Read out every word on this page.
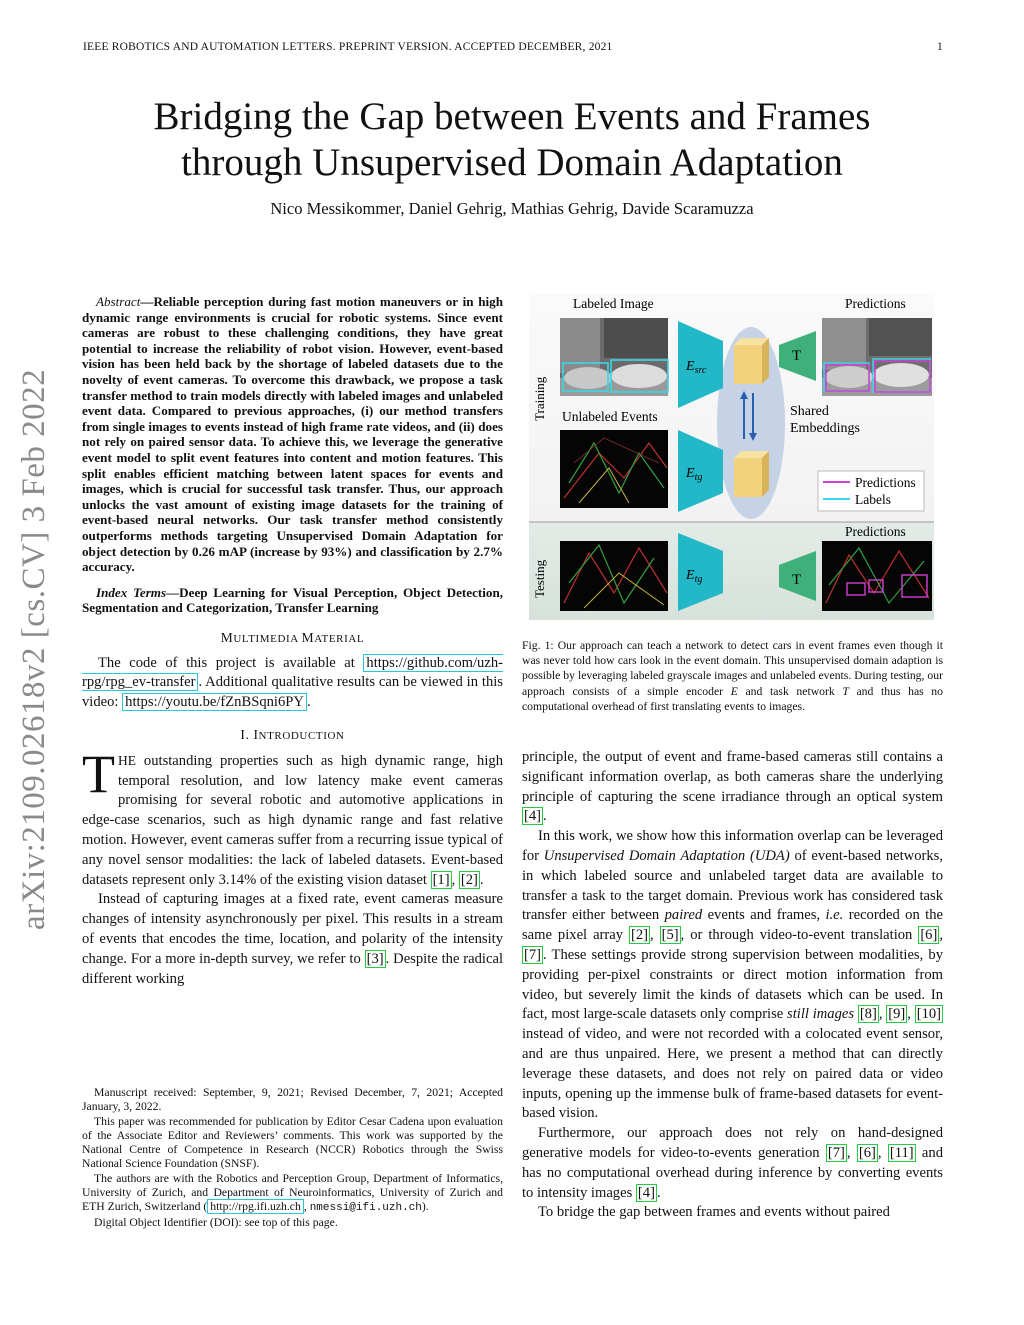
IEEE ROBOTICS AND AUTOMATION LETTERS. PREPRINT VERSION. ACCEPTED DECEMBER, 2021	1
Bridging the Gap between Events and Frames
through Unsupervised Domain Adaptation
Nico Messikommer, Daniel Gehrig, Mathias Gehrig, Davide Scaramuzza
arXiv:2109.02618v2 [cs.CV] 3 Feb 2022

Abstract—Reliable perception during fast motion maneuvers or in high dynamic range environments is crucial for robotic systems. Since event cameras are robust to these challenging conditions, they have great potential to increase the reliability of robot vision. However, event-based vision has been held back by the shortage of labeled datasets due to the novelty of event cameras. To overcome this drawback, we propose a task transfer method to train models directly with labeled images and unlabeled event data. Compared to previous approaches, (i) our method transfers from single images to events instead of high frame rate videos, and (ii) does not rely on paired sensor data. To achieve this, we leverage the generative event model to split event features into content and motion features. This split enables efficient matching between latent spaces for events and images, which is crucial for successful task transfer. Thus, our approach unlocks the vast amount of existing image datasets for the training of event-based neural networks. Our task transfer method consistently outperforms methods targeting Unsupervised Domain Adaptation for object detection by 0.26 mAP (increase by 93%) and classification by 2.7% accuracy.

Index Terms—Deep Learning for Visual Perception, Object Detection, Segmentation and Categorization, Transfer Learning

MULTIMEDIA MATERIAL

The code of this project is available at https://github.com/uzh-rpg/rpg_ev-transfer . Additional qualitative results can be viewed in this video: https://youtu.be/fZnBSqni6PY .

I. INTRODUCTION

THE outstanding properties such as high dynamic range, high temporal resolution, and low latency make event cameras promising for several robotic and automotive applications in edge-case scenarios, such as high dynamic range and fast relative motion. However, event cameras suffer from a recurring issue typical of any novel sensor modalities: the lack of labeled datasets. Event-based datasets represent only 3.14% of the existing vision dataset [1] , [2] .

Instead of capturing images at a fixed rate, event cameras measure changes of intensity asynchronously per pixel. This results in a stream of events that encodes the time, location, and polarity of the intensity change. For a more in-depth survey, we refer to [3] . Despite the radical different working

Manuscript received: September, 9, 2021; Revised December, 7, 2021; Accepted January, 3, 2022.

This paper was recommended for publication by Editor Cesar Cadena upon evaluation of the Associate Editor and Reviewers’ comments. This work was supported by the National Centre of Competence in Research (NCCR) Robotics through the Swiss National Science Foundation (SNSF).

The authors are with the Robotics and Perception Group, Department of Informatics, University of Zurich, and Department of Neuroinformatics, University of Zurich and ETH Zurich, Switzerland ( http://rpg.ifi.uzh.ch , nmessi@ifi.uzh.ch).

Digital Object Identifier (DOI): see top of this page.

Labeled Image	Predictions
Unlabeled Events
Training
Testing
$E_{src}$
$E_{tg}$
$E_{tg}$
T
T
Shared
Embeddings
Predictions
Labels
Predictions
Fig. 1: Our approach can teach a network to detect cars in event frames even though it was never told how cars look in the event domain. This unsupervised domain adaption is possible by leveraging labeled grayscale images and unlabeled events. During testing, our approach consists of a simple encoder E and task network T and thus has no computational overhead of first translating events to images.

principle, the output of event and frame-based cameras still contains a significant information overlap, as both cameras share the underlying principle of capturing the scene irradiance through an optical system [4] .

In this work, we show how this information overlap can be leveraged for Unsupervised Domain Adaptation (UDA) of event-based networks, in which labeled source and unlabeled target data are available to transfer a task to the target domain. Previous work has considered task transfer either between paired events and frames, i.e. recorded on the same pixel array [2] , [5] , or through video-to-event translation [6] , [7] . These settings provide strong supervision between modalities, by providing per-pixel constraints or direct motion information from video, but severely limit the kinds of datasets which can be used. In fact, most large-scale datasets only comprise still images [8] , [9] , [10] instead of video, and were not recorded with a colocated event sensor, and are thus unpaired. Here, we present a method that can directly leverage these datasets, and does not rely on paired data or video inputs, opening up the immense bulk of frame-based datasets for event-based vision.

Furthermore, our approach does not rely on hand-designed generative models for video-to-events generation [7] , [6] , [11] and has no computational overhead during inference by converting events to intensity images [4] .

To bridge the gap between frames and events without paired
